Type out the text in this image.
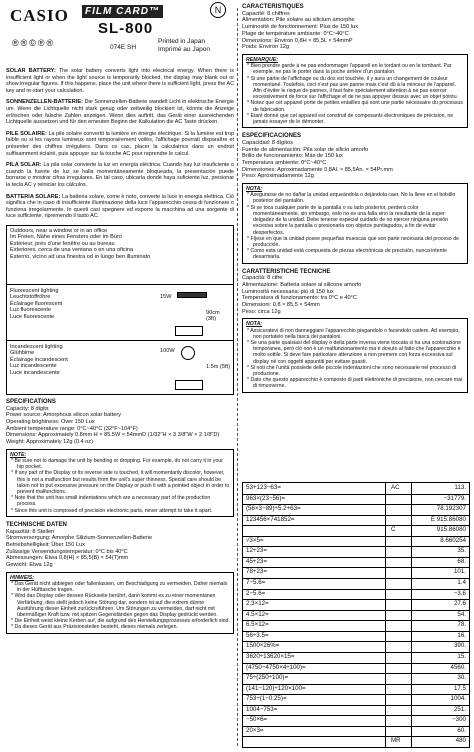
CASIO	FILM CARD™
SL-800
N
®®©®®	074E SH
Printed in Japan
Imprimé au Japon
SOLAR BATTERY: The solar battery converts light into electrical energy. When there is insufficient light or when the light source is temporarily blocked, the display may blank out or show irregular figures. If this happens, place the unit where there is sufficient light, press the AC key and re-start your calculation.
SONNENZELLEN-BATTERIE: Die Sonnenzellen-Batterie wandelt Licht in elektrische Energie um. Wenn die Lichtquelle nicht stark genug oder zeitweilig blockiert ist, könnte die Anzeige erlöschen oder falsche Zahlen anzeigen. Wenn dies auftritt, das Gerät einer ausreichenden Lichtquelle aussetzen und für den erneuten Beginn der Kalkulation die AC Taste drücken.
PILE SOLAIRE: La pile solaire convertit la lumière en énergie électrique. Si la lumière est trop faible ou si les rayons lumineux sont temporairement voilés, l'affichage pourrait disparaître et présenter des chiffres irréguliers. Dans ce cas, placer la calculatrice dans un endroit suffisamment éclairé, puis appuyer sur la touche AC pour reprendre le calcul.
PILA SOLAR: La pila solar convierte la luz en energía eléctrica. Cuando hay luz insuficiente o cuando la fuente de luz se halla momentáneamente bloqueada, la presentación puede borrarse o mostrar cifras irregulares. En tal caso, ubicaría donde haya suficiente luz, presionar la tecla AC y reiniciar los cálculos.
BATTERIA SOLARE: La batteria solare, come è noto, converte la luce in energia elettrica. Ciò significa che in caso di insufficiente illuminazione della luce l'apparecchio cessa di funzionare o funziona irregolarmente. In questi casi spegnere ed esporre la macchina ad una sorgente di luce sufficiente, ripremendo il tasto AC.
Outdoors, near a window or in an office
Im Freien, Nähe eines Fensters oder im Büro
Extérieur, près d'une fenêtre ou au bureau
Exteriores, cerca de una ventana o en una oficina
Esterno, vicino ad una finestra od in luogo ben illuminato
Fluorescent lighting
Leuchtstoffröhre
Éclairage fluorescent
Luz fluorescente
Luce fluorescente
15W
90cm (3ft)
Incandescent lighting
Glühbirne
Éclairage incandescent
Luz incandescente
Luce incandescente
100W
1.5m (5ft)
SPECIFICATIONS
Capacity: 8 digits
Power source: Amorphous silicon solar battery
Operating brightness: Over 150 Lux
Ambient temperature range: 0°C~40°C (32°F~104°F)
Dimensions: Approximately 0.8mm H × 85.5W × 54mmD (1/32"H × 3 3/8"W × 2 1/8"D)
Weight: Approximately 12g (0.4 oz)
NOTE:
* Be sure not to damage the unit by bending or dropping. For example, do not carry it in your hip pocket.
* If any part of the Display or its reverse side is touched, it will momentarily discolor, however, this is not a malfunction but results from the unit's super thinness. Special care should be taken not to put excessive pressure on the Display or push it with a pointed object in order to prevent malfunctions.
* Note that the unit has small indentations which are a necessary part of the production process.
* Since this unit is composed of precision electronic parts, never attempt to take it apart.
TECHNISCHE DATEN
Kapazität: 8 Stellen
Stromversorgung: Amorphe Silizium-Sonnenzellen-Batterie
Betriebshelligkeit: Über 150 Lux
Zulässige Verwendungstemperatur: 0°C bis 40°C
Abmessungen: Etwa 0,8(H) × 85,5(B) × 54(T)mm
Gewicht: Etwa 12g
HINWEIS:
* Das Gerät nicht abbiegen oder fallenlassen, um Beschädigung zu vermeiden. Daher niemals in der Hüfttasche tragen.
* Wird das Display oder dessen Rückseite berührt, dann kommt es zu einer momentanen Verfärbung; dies stellt jedoch keine Störung dar, sondern ist auf die extrem dünne Ausführung dieser Einheit zurückzuführen. Um Störungen zu vermeiden, darf nicht mit übermäßiger Kraft bzw. mit spitzen Gegenständen gegen das Display gedrückt werden.
* Die Einheit weist kleine Kerben auf, die aufgrund des Herstellungsprozesses erforderlich sind.
* Da dieses Gerät aus Präzisionsteilen besteht, dieses niemals zerlegen.
CARACTERISTIQUES
Capacité: 8 chiffres
Alimentation: Pile solaire au silicium amorphe
Luminosité de fonctionnement: Plus de 150 lux
Plage de température ambiante: 0°C~40°C
Dimensions: Environ 0,8H × 85,5L × 54mmP
Poids: Environ 12g
REMARQUE:
* Bien prendre garde à ne pas endommager l'appareil en le tordant ou en le tombant. Par exemple, ne pas le porter dans la poche arrière d'un pantalon.
* Si une partie de l'affichage ou du dos est touchée, il y aura un changement de couleur momentané. Toutefois, ceci n'est pas une panne mais c'est dû à la minceur de l'appareil. Afin d'éviter le risque de pannes, il faut faire spécialement attention à ne pas exercer excessivement de force sur l'affichage et de ne pas appuyer dessus avec un objet pointu.
* Notez que cet appareil porte de petites entailles qui sont une partie nécessaire du processus de fabrication.
* Etant donné que cet appareil est construit de composants électroniques de précision, ne jamais essayer de le démonter.
ESPECIFICACIONES
Capacidad: 8 dígitos
Fuente de alimentación: Pila solar de silicio amorfo
Brillo de funcionamiento: Más de 150 lux
Temperatura ambiente: 0°C~40°C
Dimensiones: Aproximadamente 0,8Al. × 85,5An. × 54Pr.mm
Peso: Aproximadamente 12g
NOTA:
* Asegurarse de no dañar la unidad arqueándola o dejándola caer. No la lleve en el bolsillo posterior del pantalón.
* Si se toca cualquier parte de la pantalla o su lado posterior, perderá color momentáneamente, sin embargo, esto no es una falla sino la resultante de la super delgadez de la unidad. Debe tenerse especial cuidado de no ejercer ninguna presión excesiva sobre la pantalla o presionarla con objetos puntiagudos, a fin de evitar desperfectos.
* Fíjese en que la unidad posee pequeñas muescas que son parte necesaria del proceso de producción.
* Como esta unidad está compuesta de piezas electrónicas de precisión, nunca intente desarmarla.
CARATTERISTICHE TECNICHE
Capacità: 8 cifre
Alimentazione: Batteria solare al silicone amorfo
Luminosità necessaria: più di 150 lux
Temperatura di funzionamento: tra 0°C e 40°C
Dimensioni: 0,8 × 85,5 × 54mm
Peso: circa 12g
NOTA:
* Assicuratevi di non danneggiare l'apparecchio piegandolo o facendolo cadere. Ad esempio, non portatelo nella tasca dei pantaloni.
* Se una parte qualsiasi del display o della parte inversa viene toccata si ha una scolorazione temporanea, però ciò non è un malfunzionamento ma è dovuto al fatto che l'apparecchio è molto sottile. Si deve fare particolare attenzione a non premere con forza eccessiva sul display né con oggetti appuntiti per evitare guasti.
* Si noti che l'unità possiede delle piccole indentazioni che sono necessarie nel processo di produzione.
* Dato che questo apparecchio è composto di parti elettroniche di precisione, non cercare mai di rimuoverne.
53+123−63=	AC	113.
963×(23−56)=	−31779.
(56×3−89)÷5.2+63=	78.192307
123456×741852=	E 915.86080
C	915.86080
√3×5=	8.660254
12+23=	35.
45+23=	68.
78+23=	101.
7−5.6=	1.4
2−5.6=	−3.6
2.3×12=	27.6
4.5×12=	54.
6.5×12=	78.
56÷3.5=	16.
1500×26%=	390.
3620÷13620×15=	15.
(4750−4750×4÷100)=	4560.
75÷(250÷100)=	30.
(141−120)÷120×100=	17.5
753÷(1−0.25)=	1004.
1004−753=	251.
−50×6=	−300
20×3=	60.
MR	480
